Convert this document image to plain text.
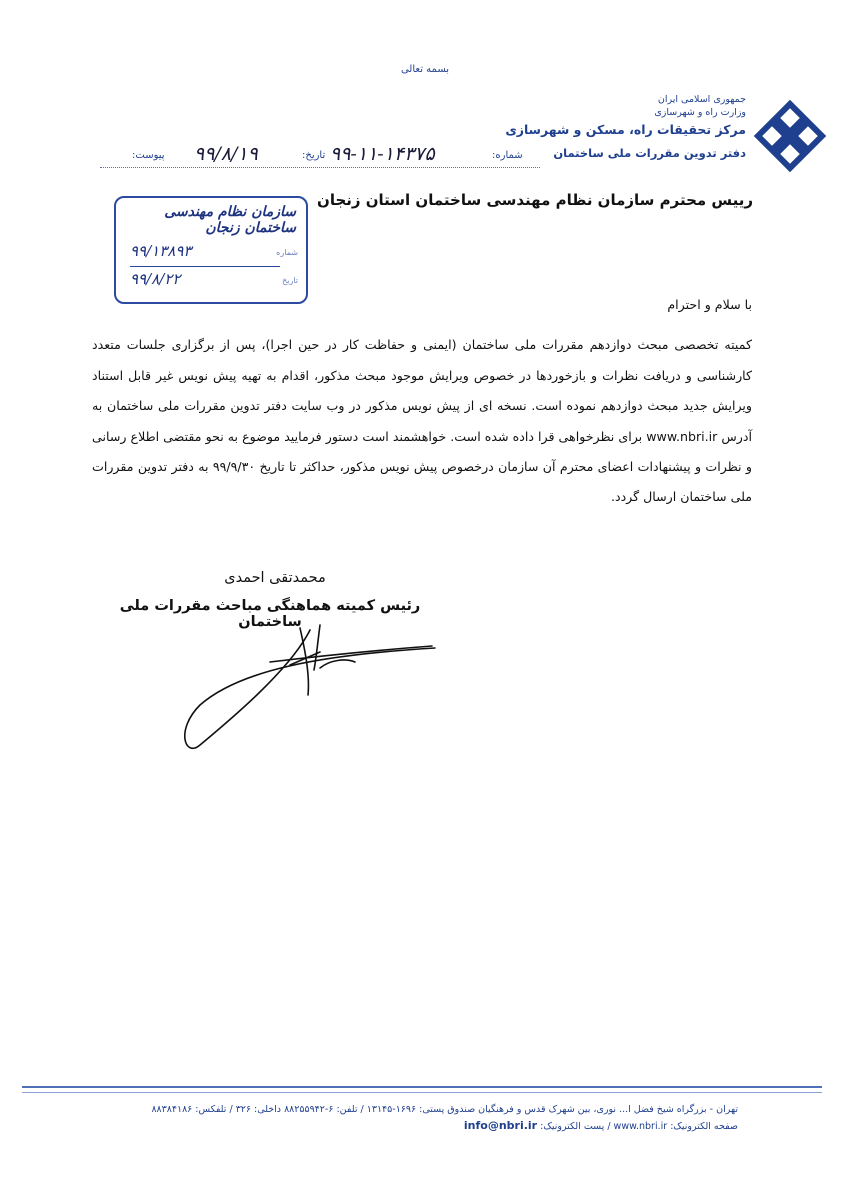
بسمه تعالی
جمهوری اسلامی ایران
وزارت راه و شهرسازی
مرکز تحقیقات راه، مسکن و شهرسازی
دفتر تدوین مقررات ملی ساختمان
شماره:
۹۹-۱۱-۱۴۳۷۵
تاریخ:
۹۹/۸/۱۹
پیوست:
رییس محترم سازمان نظام مهندسی ساختمان استان زنجان
سازمان نظام مهندسی ساختمان زنجان
شماره
۹۹/۱۳۸۹۳
تاریخ
۹۹/۸/۲۲

با سلام و احترام

کمیته تخصصی مبحث دوازدهم مقررات ملی ساختمان (ایمنی و حفاظت کار در حین اجرا)، پس از برگزاری جلسات متعدد کارشناسی و دریافت نظرات و بازخوردها در خصوص ویرایش موجود مبحث مذکور، اقدام به تهیه پیش نویس غیر قابل استناد ویرایش جدید مبحث دوازدهم نموده است. نسخه ای از پیش نویس مذکور در وب سایت دفتر تدوین مقررات ملی ساختمان به آدرس www.nbri.ir برای نظرخواهی قرا داده شده است. خواهشمند است دستور فرمایید موضوع به نحو مقتضی اطلاع رسانی و نظرات و پیشنهادات اعضای محترم آن سازمان درخصوص پیش نویس مذکور، حداکثر تا تاریخ ۹۹/۹/۳۰ به دفتر تدوین مقررات ملی ساختمان ارسال گردد.

محمدتقی احمدی
رئیس کمیته هماهنگی مباحث مقررات ملی ساختمان
تهران - بزرگراه شیخ فضل ا... نوری، بین شهرک قدس و فرهنگیان صندوق پستی: ۱۶۹۶-۱۳۱۴۵ / تلفن: ۶-۸۸۲۵۵۹۴۲ داخلی: ۳۲۶ / تلفکس: ۸۸۳۸۴۱۸۶
صفحه الکترونیک: www.nbri.ir / پست الکترونیک: info@nbri.ir
